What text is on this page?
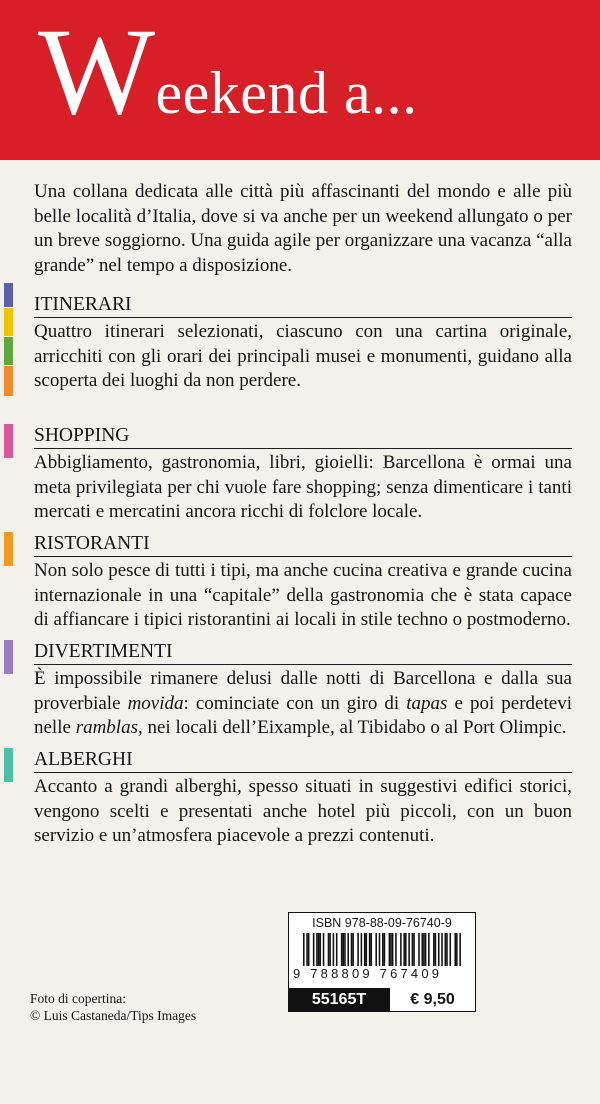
Weekend a...
Una collana dedicata alle città più affascinanti del mondo e alle più belle località d’Italia, dove si va anche per un weekend allungato o per un breve soggiorno. Una guida agile per organizzare una vacanza “alla grande” nel tempo a disposizione.
ITINERARI
Quattro itinerari selezionati, ciascuno con una cartina originale, arricchiti con gli orari dei principali musei e monumenti, guidano alla scoperta dei luoghi da non perdere.
SHOPPING
Abbigliamento, gastronomia, libri, gioielli: Barcellona è ormai una meta privilegiata per chi vuole fare shopping; senza dimenticare i tanti mercati e mercatini ancora ricchi di folclore locale.
RISTORANTI
Non solo pesce di tutti i tipi, ma anche cucina creativa e grande cucina internazionale in una “capitale” della gastronomia che è stata capace di affiancare i tipici ristorantini ai locali in stile techno o postmoderno.
DIVERTIMENTI
È impossibile rimanere delusi dalle notti di Barcellona e dalla sua proverbiale movida: cominciate con un giro di tapas e poi perdetevi nelle ramblas, nei locali dell’Eixample, al Tibidabo o al Port Olimpic.
ALBERGHI
Accanto a grandi alberghi, spesso situati in suggestivi edifici storici, vengono scelti e presentati anche hotel più piccoli, con un buon servizio e un’atmosfera piacevole a prezzi contenuti.
Foto di copertina:
© Luis Castaneda/Tips Images
ISBN 978-88-09-76740-9
9 788809 767409
55165T	€ 9,50
